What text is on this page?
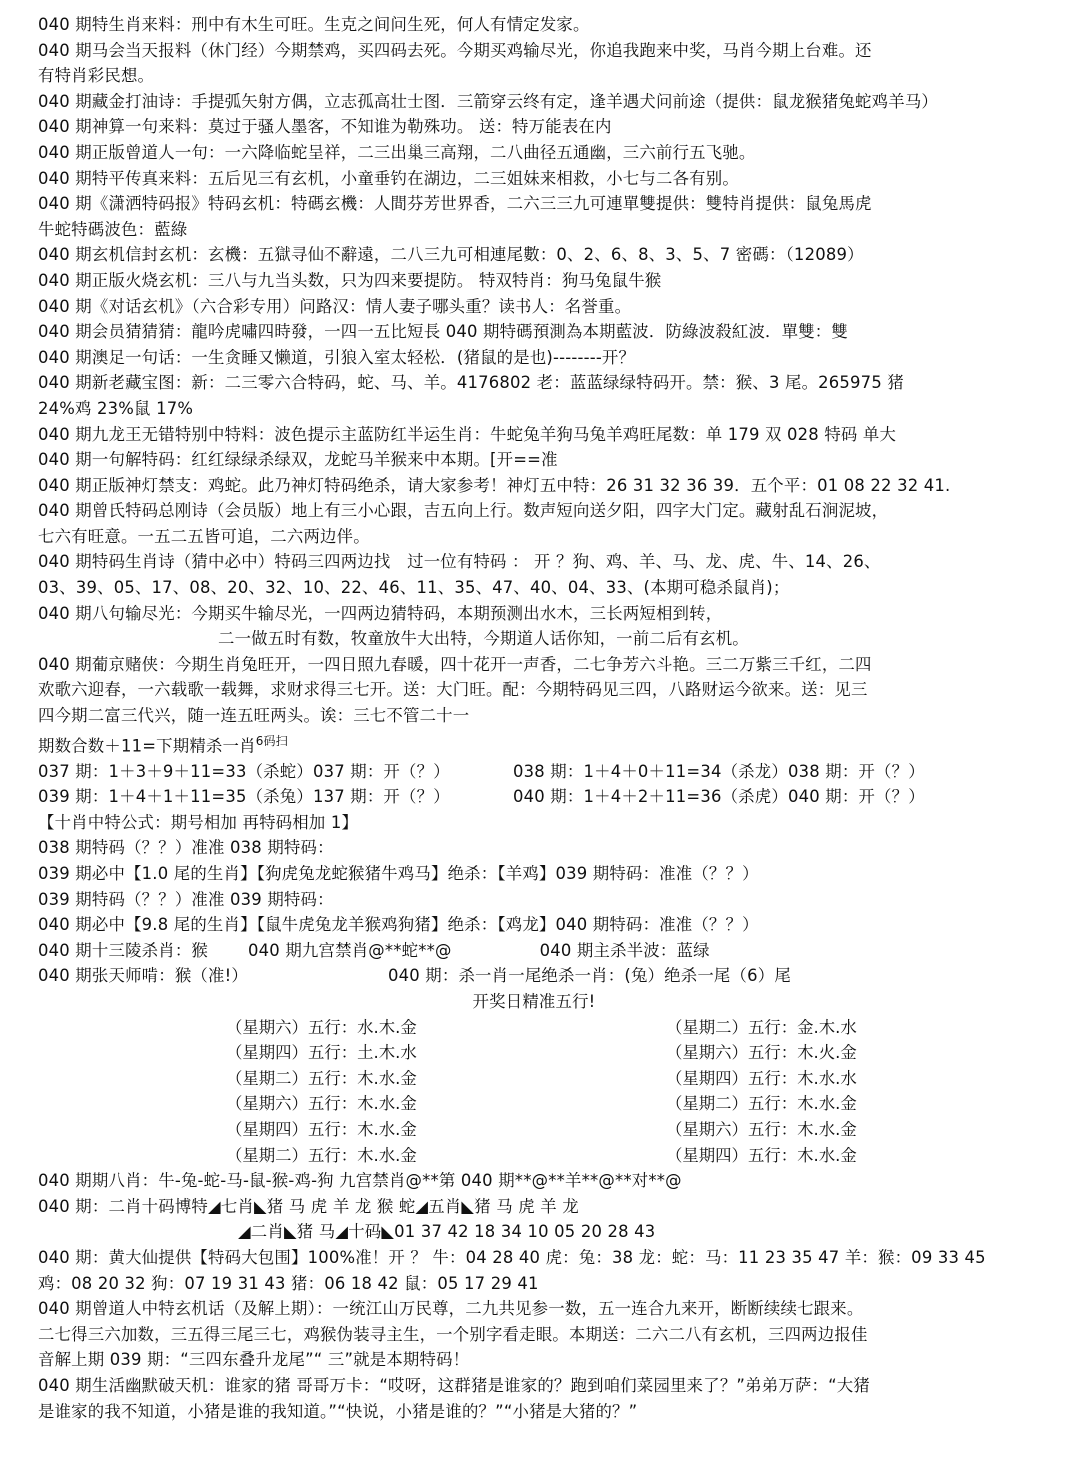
040 期特生肖来料：刑中有木生可旺。生克之间问生死，何人有情定发家。
040 期马会当天报料（休门经）今期禁鸡，买四码去死。今期买鸡输尽光，你追我跑来中奖，马肖今期上台难。还
有特肖彩民想。
040 期藏金打油诗：手提弧矢射方偶，立志孤高壮士图．三箭穿云终有定，逢羊遇犬问前途（提供：鼠龙猴猪兔蛇鸡羊马）
040 期神算一句来料：莫过于骚人墨客，不知谁为勒殊功。 送：特万能表在内
040 期正版曾道人一句：一六降临蛇呈祥，二三出巢三高翔，二八曲径五通幽，三六前行五飞驰。
040 期特平传真来料：五后见三有玄机，小童垂钓在湖边，二三姐妹来相救，小七与二各有别。
040 期《潇洒特码报》特码玄机：特碼玄機：人間芬芳世界香，二六三三九可連單雙提供：雙特肖提供：鼠兔馬虎
牛蛇特碼波色：藍綠
040 期玄机信封玄机：玄機：五獄寻仙不辭遠，二八三九可相連尾數：0、2、6、8、3、5、7 密碼：（12089）
040 期正版火烧玄机：三八与九当头数，只为四来要提防。 特双特肖：狗马兔鼠牛猴
040 期《对话玄机》（六合彩专用）问路汉：情人妻子哪头重？读书人：名誉重。
040 期会员猜猜猜：龍吟虎嘯四時發，一四一五比短長 040 期特碼預測為本期藍波．防綠波殺紅波．單雙：雙
040 期澳足一句话：一生贪睡又懒道，引狼入室太轻松．(猪鼠的是也)--------开？
040 期新老藏宝图：新：二三零六合特码，蛇、马、羊。4176802 老：蓝蓝绿绿特码开。禁：猴、3 尾。265975 猪
24%鸡 23%鼠 17%
040 期九龙王无错特别中特料：波色提示主蓝防红半运生肖：牛蛇兔羊狗马兔羊鸡旺尾数：单 179 双 028 特码 单大
040 期一句解特码：红红绿绿杀绿双，龙蛇马羊猴来中本期。[开==准
040 期正版神灯禁支：鸡蛇。此乃神灯特码绝杀，请大家参考！神灯五中特：26 31 32 36 39．五个平：01 08 22 32 41.
040 期曾氏特码总刚诗（会员版）地上有三小心跟，吉五向上行。数声短向送夕阳，四字大门定。藏射乱石涧泥坡，
七六有旺意。一五二五皆可追，二六两边伴。
040 期特码生肖诗（猜中必中）特码三四两边找　过一位有特码 ： 开 ？狗、鸡、羊、马、龙、虎、牛、14、26、
03、39、05、17、08、20、32、10、22、46、11、35、47、40、04、33、(本期可稳杀鼠肖)；
040 期八句输尽光：今期买牛输尽光，一四两边猜特码，本期预测出水木，三长两短相到转，
二一做五时有数，牧童放牛大出特，今期道人话你知，一前二后有玄机。
040 期葡京赌侠：今期生肖兔旺开，一四日照九春暖，四十花开一声香，二七争芳六斗艳。三二万紫三千红，二四
欢歌六迎春，一六载歌一载舞，求财求得三七开。送：大门旺。配：今期特码见三四，八路财运今欲来。送：见三
四今期二富三代兴，随一连五旺两头。诶：三七不管二十一
期数合数＋11=下期精杀一肖$^{6码扫}$
037 期：1＋3＋9＋11=33（杀蛇）037 期：开（？）	038 期：1＋4＋0＋11=34（杀龙）038 期：开（？）
039 期：1＋4＋1＋11=35（杀兔）137 期：开（？）	040 期：1＋4＋2＋11=36（杀虎）040 期：开（？）
【十肖中特公式：期号相加 再特码相加 1】
038 期特码（？？）准准 038 期特码：
039 期必中【1.0 尾的生肖】【狗虎兔龙蛇猴猪牛鸡马】绝杀：【羊鸡】039 期特码：准准（？？）
039 期特码（？？）准准 039 期特码：
040 期必中【9.8 尾的生肖】【鼠牛虎兔龙羊猴鸡狗猪】绝杀：【鸡龙】040 期特码：准准（？？）
040 期十三陵杀肖：猴 040 期九宫禁肖@**蛇**@	040 期主杀半波：蓝绿
040 期张天师啃：猴（准!）	040 期：杀一肖一尾绝杀一肖：(兔）绝杀一尾（6）尾
开奖日精准五行!
（星期六）五行：水.木.金	（星期二）五行：金.木.水
（星期四）五行：土.木.水	（星期六）五行：木.火.金
（星期二）五行：木.水.金	（星期四）五行：木.水.水
（星期六）五行：木.水.金	（星期二）五行：木.水.金
（星期四）五行：木.水.金	（星期六）五行：木.水.金
（星期二）五行：木.水.金	（星期四）五行：木.水.金
040 期期八肖：牛-兔-蛇-马-鼠-猴-鸡-狗 九宫禁肖@**第 040 期**@**羊**@**对**@
040 期：二肖十码博特◢七肖◣猪 马 虎 羊 龙 猴 蛇◢五肖◣猪 马 虎 羊 龙
◢二肖◣猪 马◢十码◣01 37 42 18 34 10 05 20 28 43
040 期：黄大仙提供【特码大包围】100%准！开 ？ 牛：04 28 40 虎：兔：38 龙：蛇：马：11 23 35 47 羊：猴：09 33 45
鸡：08 20 32 狗：07 19 31 43 猪：06 18 42 鼠：05 17 29 41
040 期曾道人中特玄机话（及解上期）：一统江山万民尊，二九共见参一数，五一连合九来开，断断续续七跟来。
二七得三六加数，三五得三尾三七，鸡猴伪装寻主生，一个别字看走眼。本期送：二六二八有玄机，三四两边报佳
音解上期 039 期：“三四东叠升龙尾”“ 三”就是本期特码！
040 期生活幽默破天机：谁家的猪 哥哥万卡：“哎呀，这群猪是谁家的？跑到咱们菜园里来了？”弟弟万萨：“大猪
是谁家的我不知道，小猪是谁的我知道。”“快说，小猪是谁的？”“小猪是大猪的？”
